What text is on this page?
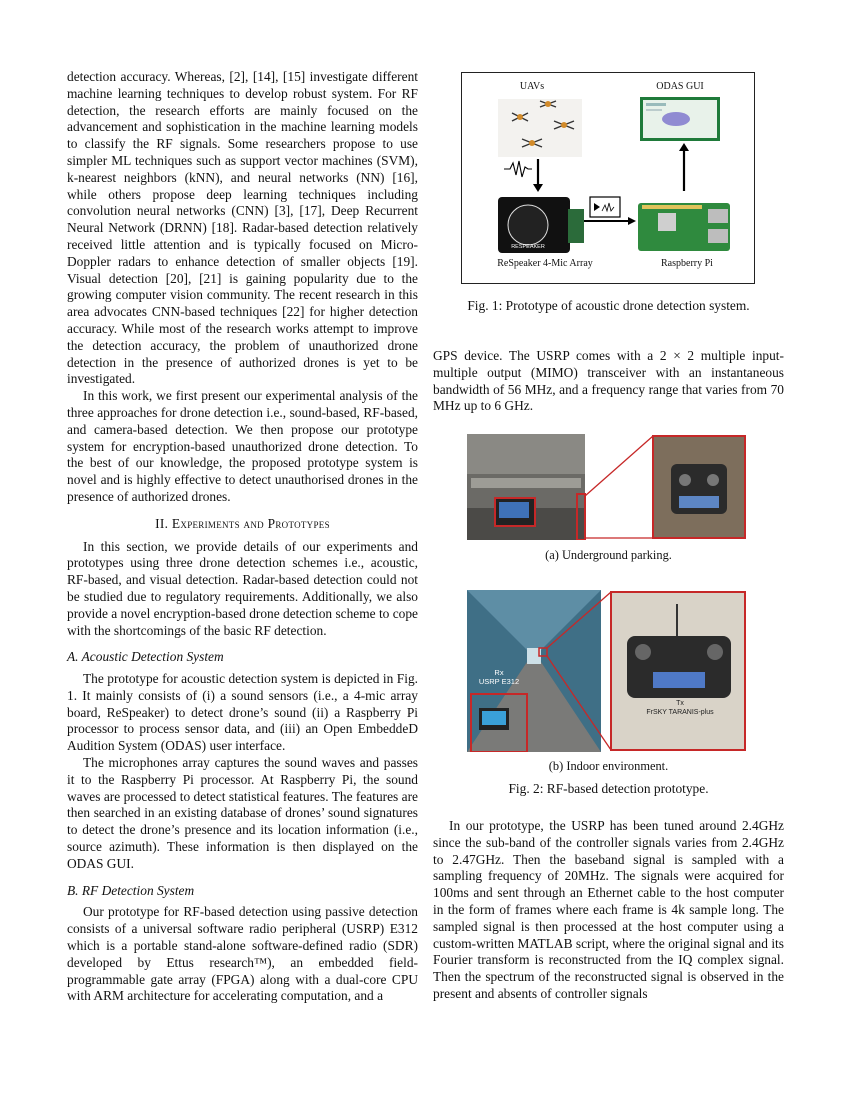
detection accuracy. Whereas, [2], [14], [15] investigate different machine learning techniques to develop robust system. For RF detection, the research efforts are mainly focused on the advancement and sophistication in the machine learning models to classify the RF signals. Some researchers propose to use simpler ML techniques such as support vector machines (SVM), k-nearest neighbors (kNN), and neural networks (NN) [16], while others propose deep learning techniques including convolution neural networks (CNN) [3], [17], Deep Recurrent Neural Network (DRNN) [18]. Radar-based detection relatively received little attention and is typically focused on Micro-Doppler radars to enhance detection of smaller objects [19]. Visual detection [20], [21] is gaining popularity due to the growing computer vision community. The recent research in this area advocates CNN-based techniques [22] for higher detection accuracy. While most of the research works attempt to improve the detection accuracy, the problem of unauthorized drone detection in the presence of authorized drones is yet to be investigated.

In this work, we first present our experimental analysis of the three approaches for drone detection i.e., sound-based, RF-based, and camera-based detection. We then propose our prototype system for encryption-based unauthorized drone detection. To the best of our knowledge, the proposed prototype system is novel and is highly effective to detect unauthorised drones in the presence of authorized drones.

II. Experiments and Prototypes

In this section, we provide details of our experiments and prototypes using three drone detection schemes i.e., acoustic, RF-based, and visual detection. Radar-based detection could not be studied due to regulatory requirements. Additionally, we also provide a novel encryption-based drone detection scheme to cope with the shortcomings of the basic RF detection.

A. Acoustic Detection System

The prototype for acoustic detection system is depicted in Fig. 1. It mainly consists of (i) a sound sensors (i.e., a 4-mic array board, ReSpeaker) to detect drone’s sound (ii) a Raspberry Pi processor to process sensor data, and (iii) an Open EmbeddeD Audition System (ODAS) user interface.

The microphones array captures the sound waves and passes it to the Raspberry Pi processor. At Raspberry Pi, the sound waves are processed to detect statistical features. The features are then searched in an existing database of drones’ sound signatures to detect the drone’s presence and its location information (i.e., source azimuth). These information is then displayed on the ODAS GUI.

B. RF Detection System

Our prototype for RF-based detection using passive detection consists of a universal software radio peripheral (USRP) E312 which is a portable stand-alone software-defined radio (SDR) developed by Ettus research™), an embedded field-programmable gate array (FPGA) along with a dual-core CPU with ARM architecture for accelerating computation, and a

UAVs	ODAS GUI
ReSpeaker 4-Mic Array	Raspberry Pi
RESPEAKER
Fig. 1: Prototype of acoustic drone detection system.

GPS device. The USRP comes with a 2 × 2 multiple input-multiple output (MIMO) transceiver with an instantaneous bandwidth of 56 MHz, and a frequency range that varies from 70 MHz up to 6 GHz.

(a) Underground parking.
Rx
USRP E312
Tx
FrSKY TARANIS-plus
(b) Indoor environment.
Fig. 2: RF-based detection prototype.

In our prototype, the USRP has been tuned around 2.4GHz since the sub-band of the controller signals varies from 2.4GHz to 2.47GHz. Then the baseband signal is sampled with a sampling frequency of 20MHz. The signals were acquired for 100ms and sent through an Ethernet cable to the host computer in the form of frames where each frame is 4k sample long. The sampled signal is then processed at the host computer using a custom-written MATLAB script, where the original signal and its Fourier transform is reconstructed from the IQ complex signal. Then the spectrum of the reconstructed signal is observed in the present and absents of controller signals
